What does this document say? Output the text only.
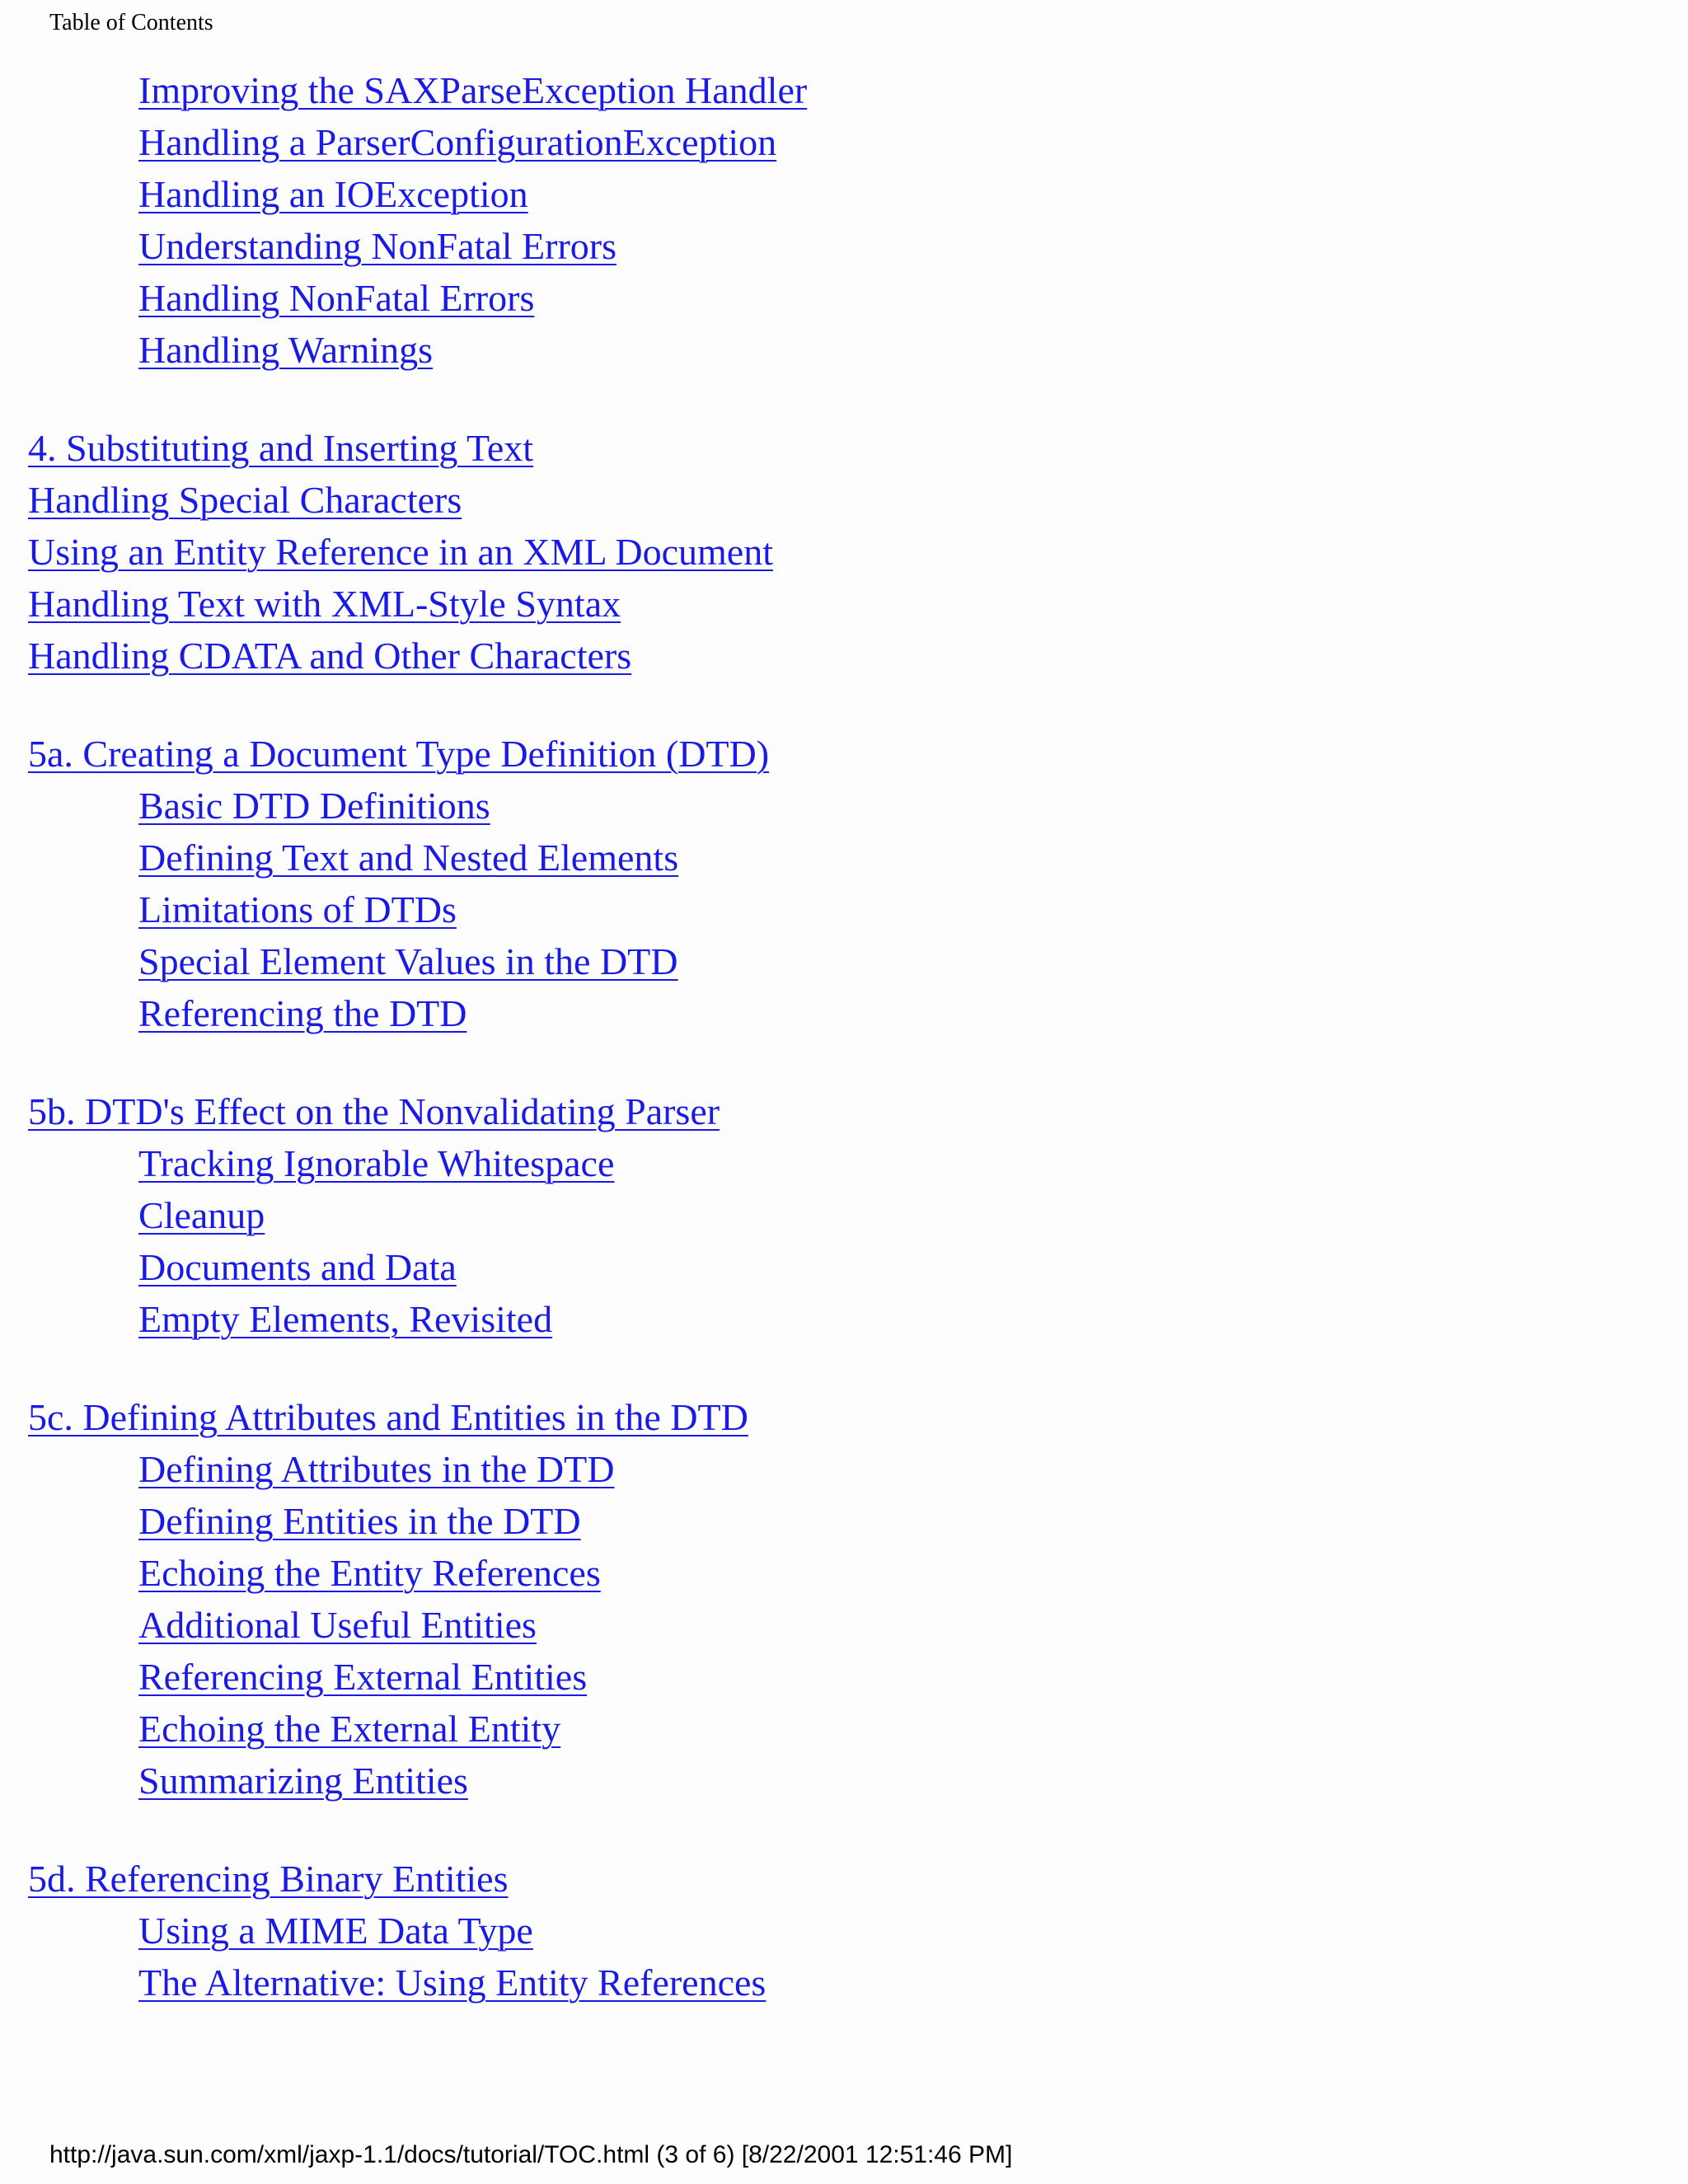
Table of Contents
Improving the SAXParseException Handler
Handling a ParserConfigurationException
Handling an IOException
Understanding NonFatal Errors
Handling NonFatal Errors
Handling Warnings
4. Substituting and Inserting Text
Handling Special Characters
Using an Entity Reference in an XML Document
Handling Text with XML-Style Syntax
Handling CDATA and Other Characters
5a. Creating a Document Type Definition (DTD)
Basic DTD Definitions
Defining Text and Nested Elements
Limitations of DTDs
Special Element Values in the DTD
Referencing the DTD
5b. DTD's Effect on the Nonvalidating Parser
Tracking Ignorable Whitespace
Cleanup
Documents and Data
Empty Elements, Revisited
5c. Defining Attributes and Entities in the DTD
Defining Attributes in the DTD
Defining Entities in the DTD
Echoing the Entity References
Additional Useful Entities
Referencing External Entities
Echoing the External Entity
Summarizing Entities
5d. Referencing Binary Entities
Using a MIME Data Type
The Alternative: Using Entity References
http://java.sun.com/xml/jaxp-1.1/docs/tutorial/TOC.html (3 of 6) [8/22/2001 12:51:46 PM]
